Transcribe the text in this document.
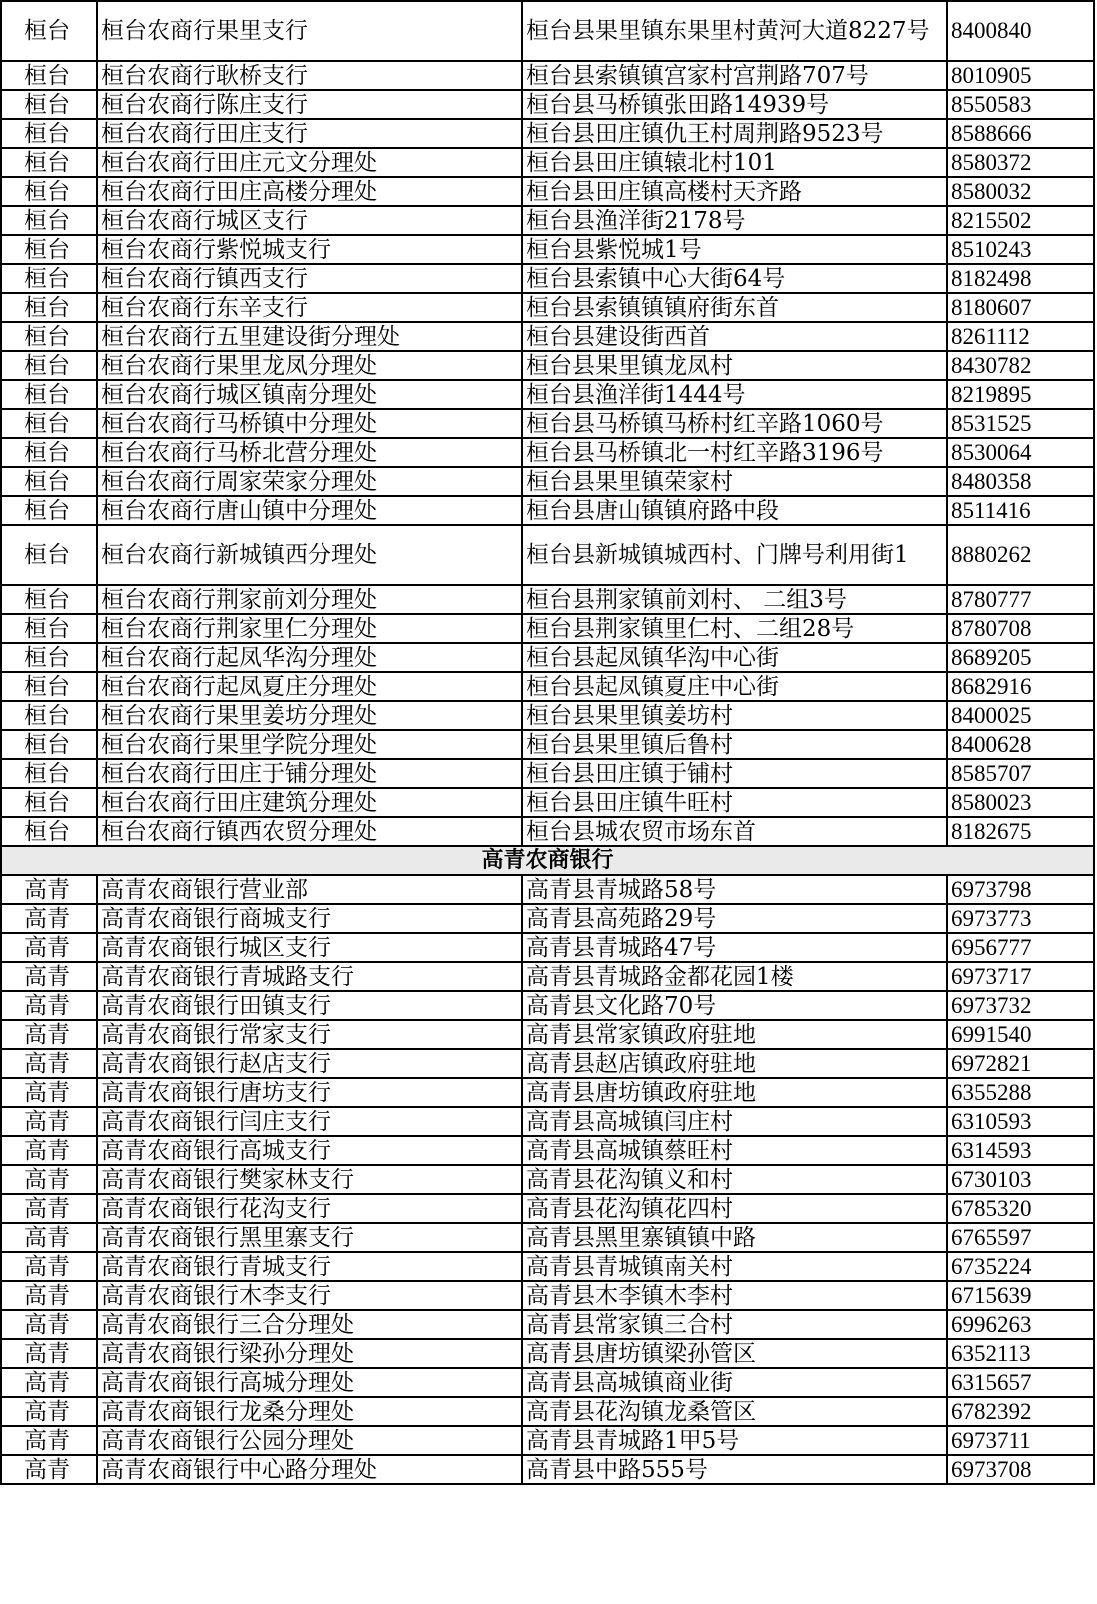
桓台	桓台农商行果里支行	桓台县果里镇东果里村黄河大道8227号	8400840
桓台	桓台农商行耿桥支行	桓台县索镇镇宫家村宫荆路707号	8010905
桓台	桓台农商行陈庄支行	桓台县马桥镇张田路14939号	8550583
桓台	桓台农商行田庄支行	桓台县田庄镇仇王村周荆路9523号	8588666
桓台	桓台农商行田庄元文分理处	桓台县田庄镇辕北村101	8580372
桓台	桓台农商行田庄高楼分理处	桓台县田庄镇高楼村天齐路	8580032
桓台	桓台农商行城区支行	桓台县渔洋街2178号	8215502
桓台	桓台农商行紫悦城支行	桓台县紫悦城1号	8510243
桓台	桓台农商行镇西支行	桓台县索镇中心大街64号	8182498
桓台	桓台农商行东辛支行	桓台县索镇镇镇府街东首	8180607
桓台	桓台农商行五里建设街分理处	桓台县建设街西首	8261112
桓台	桓台农商行果里龙凤分理处	桓台县果里镇龙凤村	8430782
桓台	桓台农商行城区镇南分理处	桓台县渔洋街1444号	8219895
桓台	桓台农商行马桥镇中分理处	桓台县马桥镇马桥村红辛路1060号	8531525
桓台	桓台农商行马桥北营分理处	桓台县马桥镇北一村红辛路3196号	8530064
桓台	桓台农商行周家荣家分理处	桓台县果里镇荣家村	8480358
桓台	桓台农商行唐山镇中分理处	桓台县唐山镇镇府路中段	8511416
桓台	桓台农商行新城镇西分理处	桓台县新城镇城西村、门牌号利用街1	8880262
桓台	桓台农商行荆家前刘分理处	桓台县荆家镇前刘村、 二组3号	8780777
桓台	桓台农商行荆家里仁分理处	桓台县荆家镇里仁村、二组28号	8780708
桓台	桓台农商行起凤华沟分理处	桓台县起凤镇华沟中心街	8689205
桓台	桓台农商行起凤夏庄分理处	桓台县起凤镇夏庄中心街	8682916
桓台	桓台农商行果里姜坊分理处	桓台县果里镇姜坊村	8400025
桓台	桓台农商行果里学院分理处	桓台县果里镇后鲁村	8400628
桓台	桓台农商行田庄于铺分理处	桓台县田庄镇于铺村	8585707
桓台	桓台农商行田庄建筑分理处	桓台县田庄镇牛旺村	8580023
桓台	桓台农商行镇西农贸分理处	桓台县城农贸市场东首	8182675
高青农商银行			
高青	高青农商银行营业部	高青县青城路58号	6973798
高青	高青农商银行商城支行	高青县高苑路29号	6973773
高青	高青农商银行城区支行	高青县青城路47号	6956777
高青	高青农商银行青城路支行	高青县青城路金都花园1楼	6973717
高青	高青农商银行田镇支行	高青县文化路70号	6973732
高青	高青农商银行常家支行	高青县常家镇政府驻地	6991540
高青	高青农商银行赵店支行	高青县赵店镇政府驻地	6972821
高青	高青农商银行唐坊支行	高青县唐坊镇政府驻地	6355288
高青	高青农商银行闫庄支行	高青县高城镇闫庄村	6310593
高青	高青农商银行高城支行	高青县高城镇蔡旺村	6314593
高青	高青农商银行樊家林支行	高青县花沟镇义和村	6730103
高青	高青农商银行花沟支行	高青县花沟镇花四村	6785320
高青	高青农商银行黑里寨支行	高青县黑里寨镇镇中路	6765597
高青	高青农商银行青城支行	高青县青城镇南关村	6735224
高青	高青农商银行木李支行	高青县木李镇木李村	6715639
高青	高青农商银行三合分理处	高青县常家镇三合村	6996263
高青	高青农商银行梁孙分理处	高青县唐坊镇梁孙管区	6352113
高青	高青农商银行高城分理处	高青县高城镇商业街	6315657
高青	高青农商银行龙桑分理处	高青县花沟镇龙桑管区	6782392
高青	高青农商银行公园分理处	高青县青城路1甲5号	6973711
高青	高青农商银行中心路分理处	高青县中路555号	6973708
